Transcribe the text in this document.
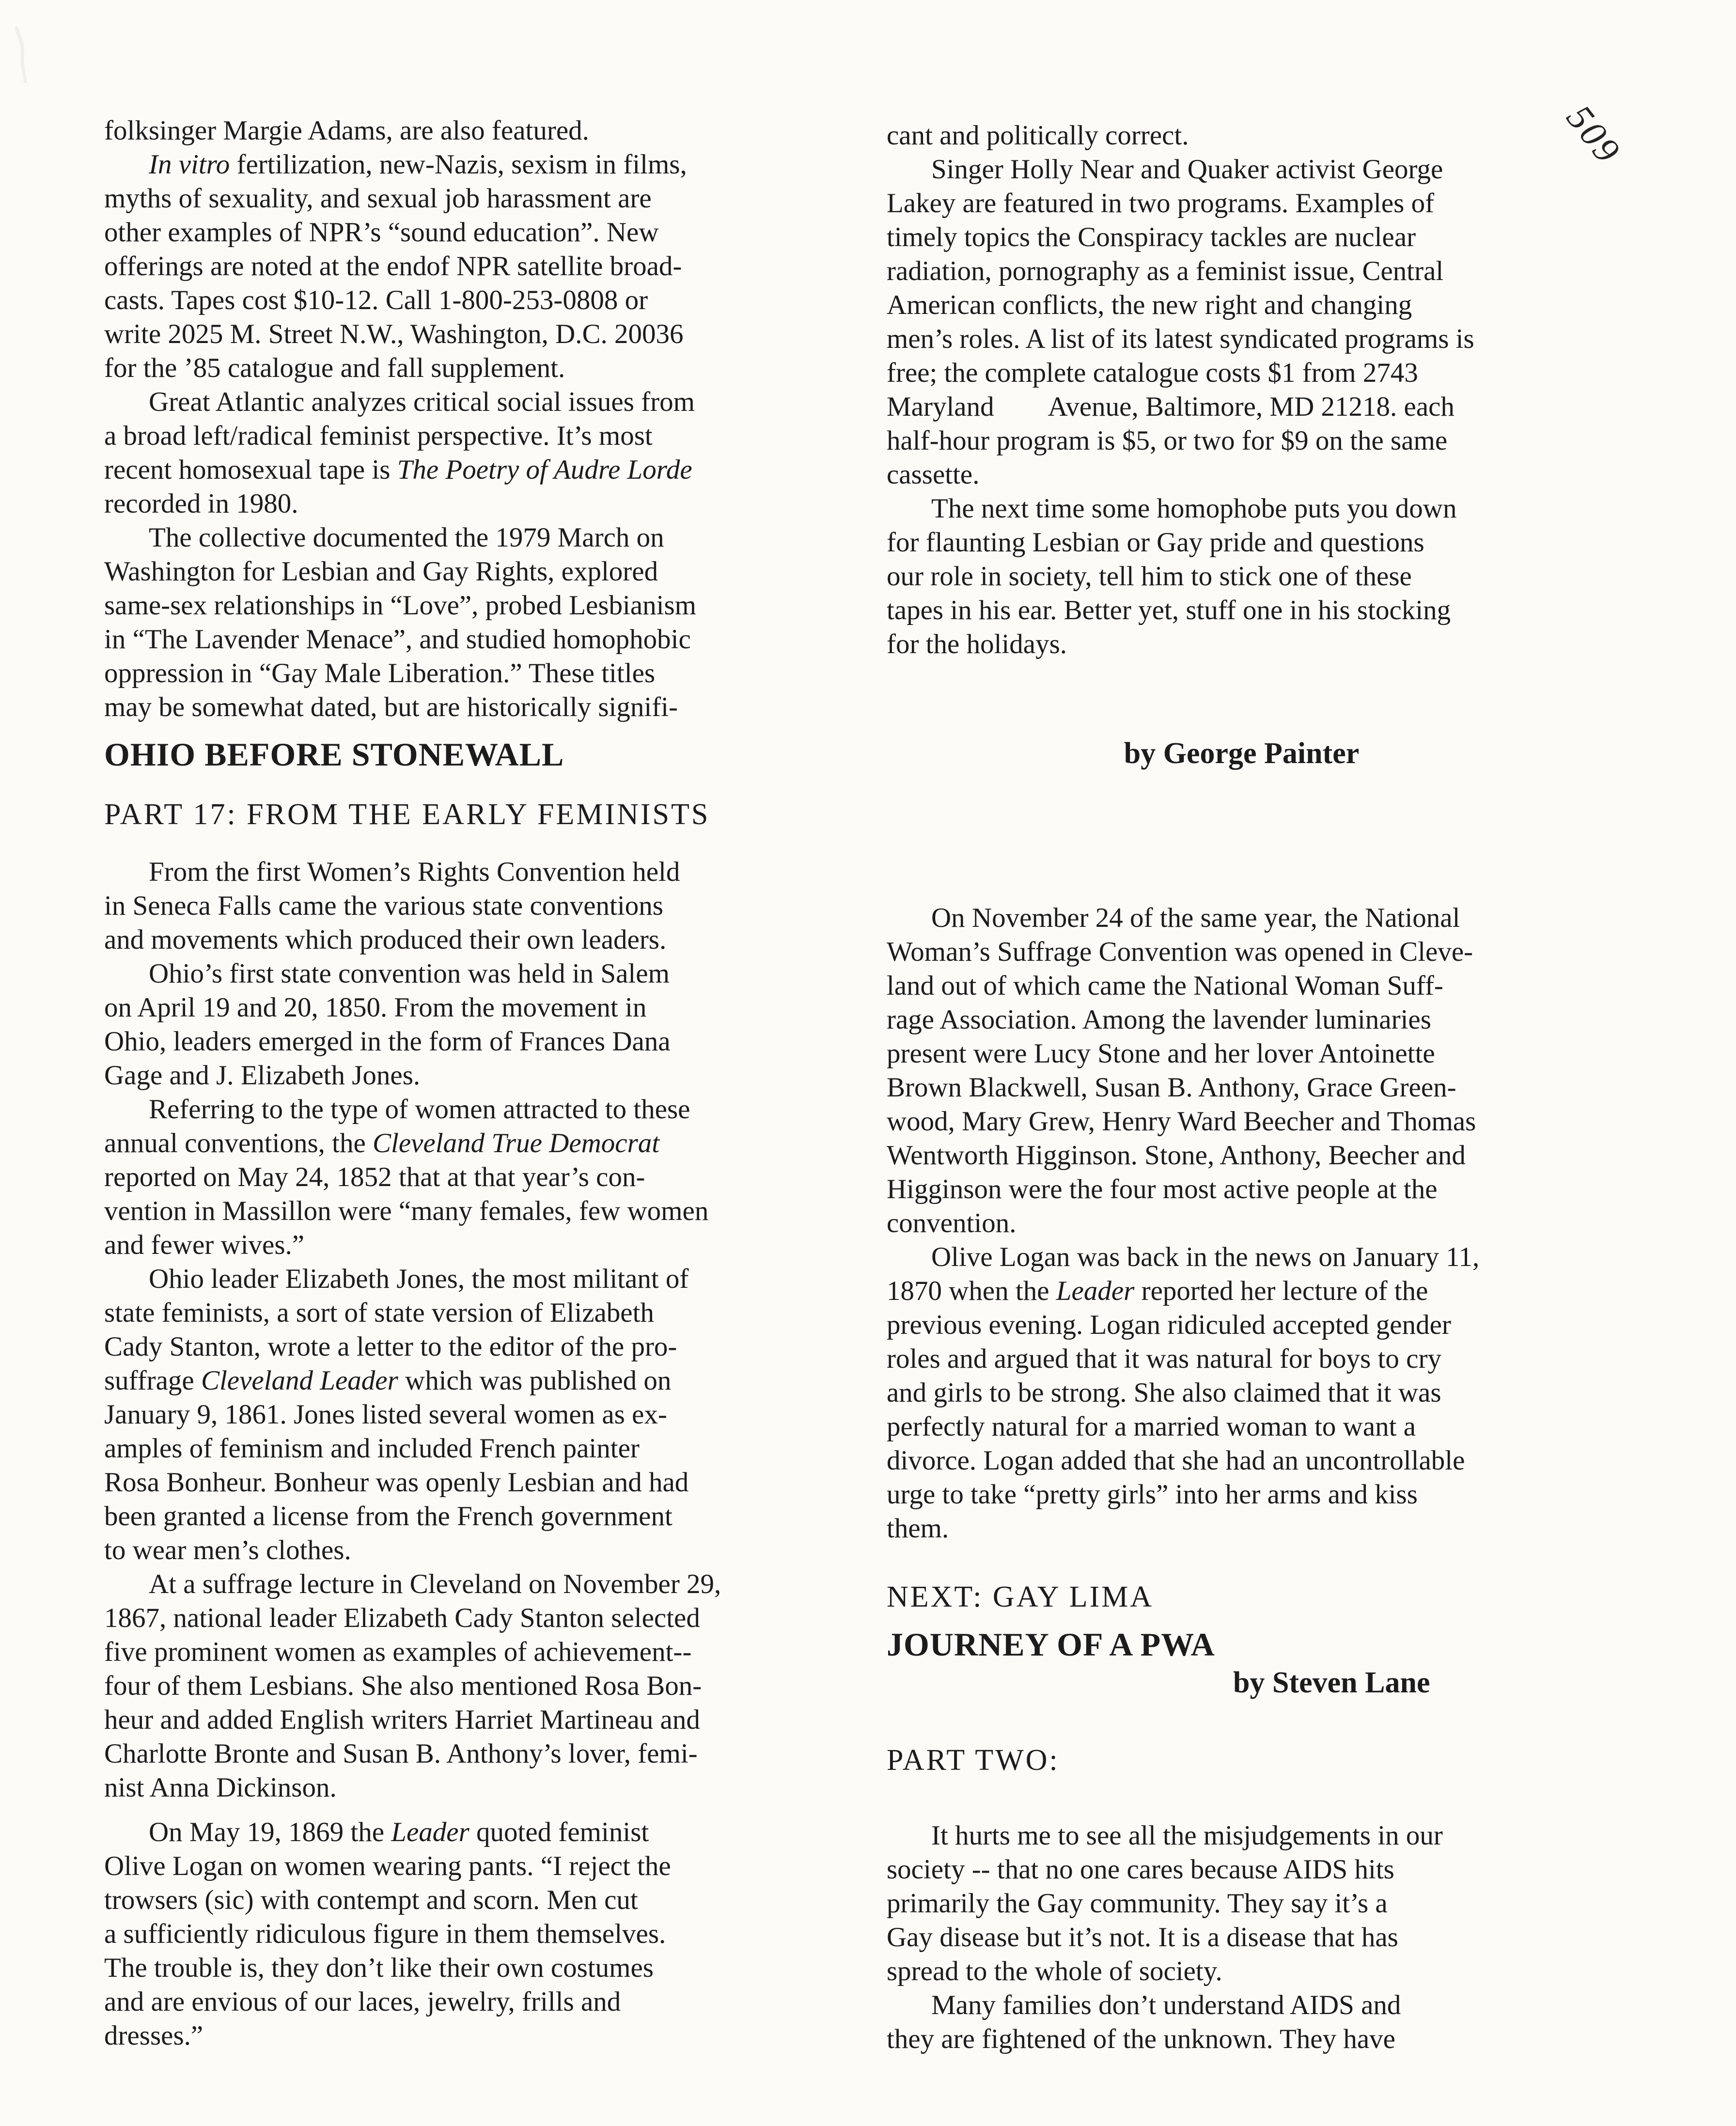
509
folksinger Margie Adams, are also featured.
In vitro fertilization, new-Nazis, sexism in films,
myths of sexuality, and sexual job harassment are
other examples of NPR’s “sound education”. New
offerings are noted at the endof NPR satellite broad-
casts. Tapes cost $10-12. Call 1-800-253-0808 or
write 2025 M. Street N.W., Washington, D.C. 20036
for the ’85 catalogue and fall supplement.
Great Atlantic analyzes critical social issues from
a broad left/radical feminist perspective. It’s most
recent homosexual tape is The Poetry of Audre Lorde
recorded in 1980.
The collective documented the 1979 March on
Washington for Lesbian and Gay Rights, explored
same-sex relationships in “Love”, probed Lesbianism
in “The Lavender Menace”, and studied homophobic
oppression in “Gay Male Liberation.” These titles
may be somewhat dated, but are historically signifi-
OHIO BEFORE STONEWALL
PART 17: FROM THE EARLY FEMINISTS
From the first Women’s Rights Convention held
in Seneca Falls came the various state conventions
and movements which produced their own leaders.
Ohio’s first state convention was held in Salem
on April 19 and 20, 1850. From the movement in
Ohio, leaders emerged in the form of Frances Dana
Gage and J. Elizabeth Jones.
Referring to the type of women attracted to these
annual conventions, the Cleveland True Democrat
reported on May 24, 1852 that at that year’s con-
vention in Massillon were “many females, few women
and fewer wives.”
Ohio leader Elizabeth Jones, the most militant of
state feminists, a sort of state version of Elizabeth
Cady Stanton, wrote a letter to the editor of the pro-
suffrage Cleveland Leader which was published on
January 9, 1861. Jones listed several women as ex-
amples of feminism and included French painter
Rosa Bonheur. Bonheur was openly Lesbian and had
been granted a license from the French government
to wear men’s clothes.
At a suffrage lecture in Cleveland on November 29,
1867, national leader Elizabeth Cady Stanton selected
five prominent women as examples of achievement--
four of them Lesbians. She also mentioned Rosa Bon-
heur and added English writers Harriet Martineau and
Charlotte Bronte and Susan B. Anthony’s lover, femi-
nist Anna Dickinson.
On May 19, 1869 the Leader quoted feminist
Olive Logan on women wearing pants. “I reject the
trowsers (sic) with contempt and scorn. Men cut
a sufficiently ridiculous figure in them themselves.
The trouble is, they don’t like their own costumes
and are envious of our laces, jewelry, frills and
dresses.”
cant and politically correct.
Singer Holly Near and Quaker activist George
Lakey are featured in two programs. Examples of
timely topics the Conspiracy tackles are nuclear
radiation, pornography as a feminist issue, Central
American conflicts, the new right and changing
men’s roles. A list of its latest syndicated programs is
free; the complete catalogue costs $1 from 2743
Maryland        Avenue, Baltimore, MD 21218. each
half-hour program is $5, or two for $9 on the same
cassette.
The next time some homophobe puts you down
for flaunting Lesbian or Gay pride and questions
our role in society, tell him to stick one of these
tapes in his ear. Better yet, stuff one in his stocking
for the holidays.
by George Painter
On November 24 of the same year, the National
Woman’s Suffrage Convention was opened in Cleve-
land out of which came the National Woman Suff-
rage Association. Among the lavender luminaries
present were Lucy Stone and her lover Antoinette
Brown Blackwell, Susan B. Anthony, Grace Green-
wood, Mary Grew, Henry Ward Beecher and Thomas
Wentworth Higginson. Stone, Anthony, Beecher and
Higginson were the four most active people at the
convention.
Olive Logan was back in the news on January 11,
1870 when the Leader reported her lecture of the
previous evening. Logan ridiculed accepted gender
roles and argued that it was natural for boys to cry
and girls to be strong. She also claimed that it was
perfectly natural for a married woman to want a
divorce. Logan added that she had an uncontrollable
urge to take “pretty girls” into her arms and kiss
them.
NEXT: GAY LIMA
JOURNEY OF A PWA
by Steven Lane
PART TWO:
It hurts me to see all the misjudgements in our
society -- that no one cares because AIDS hits
primarily the Gay community. They say it’s a
Gay disease but it’s not. It is a disease that has
spread to the whole of society.
Many families don’t understand AIDS and
they are fightened of the unknown. They have
